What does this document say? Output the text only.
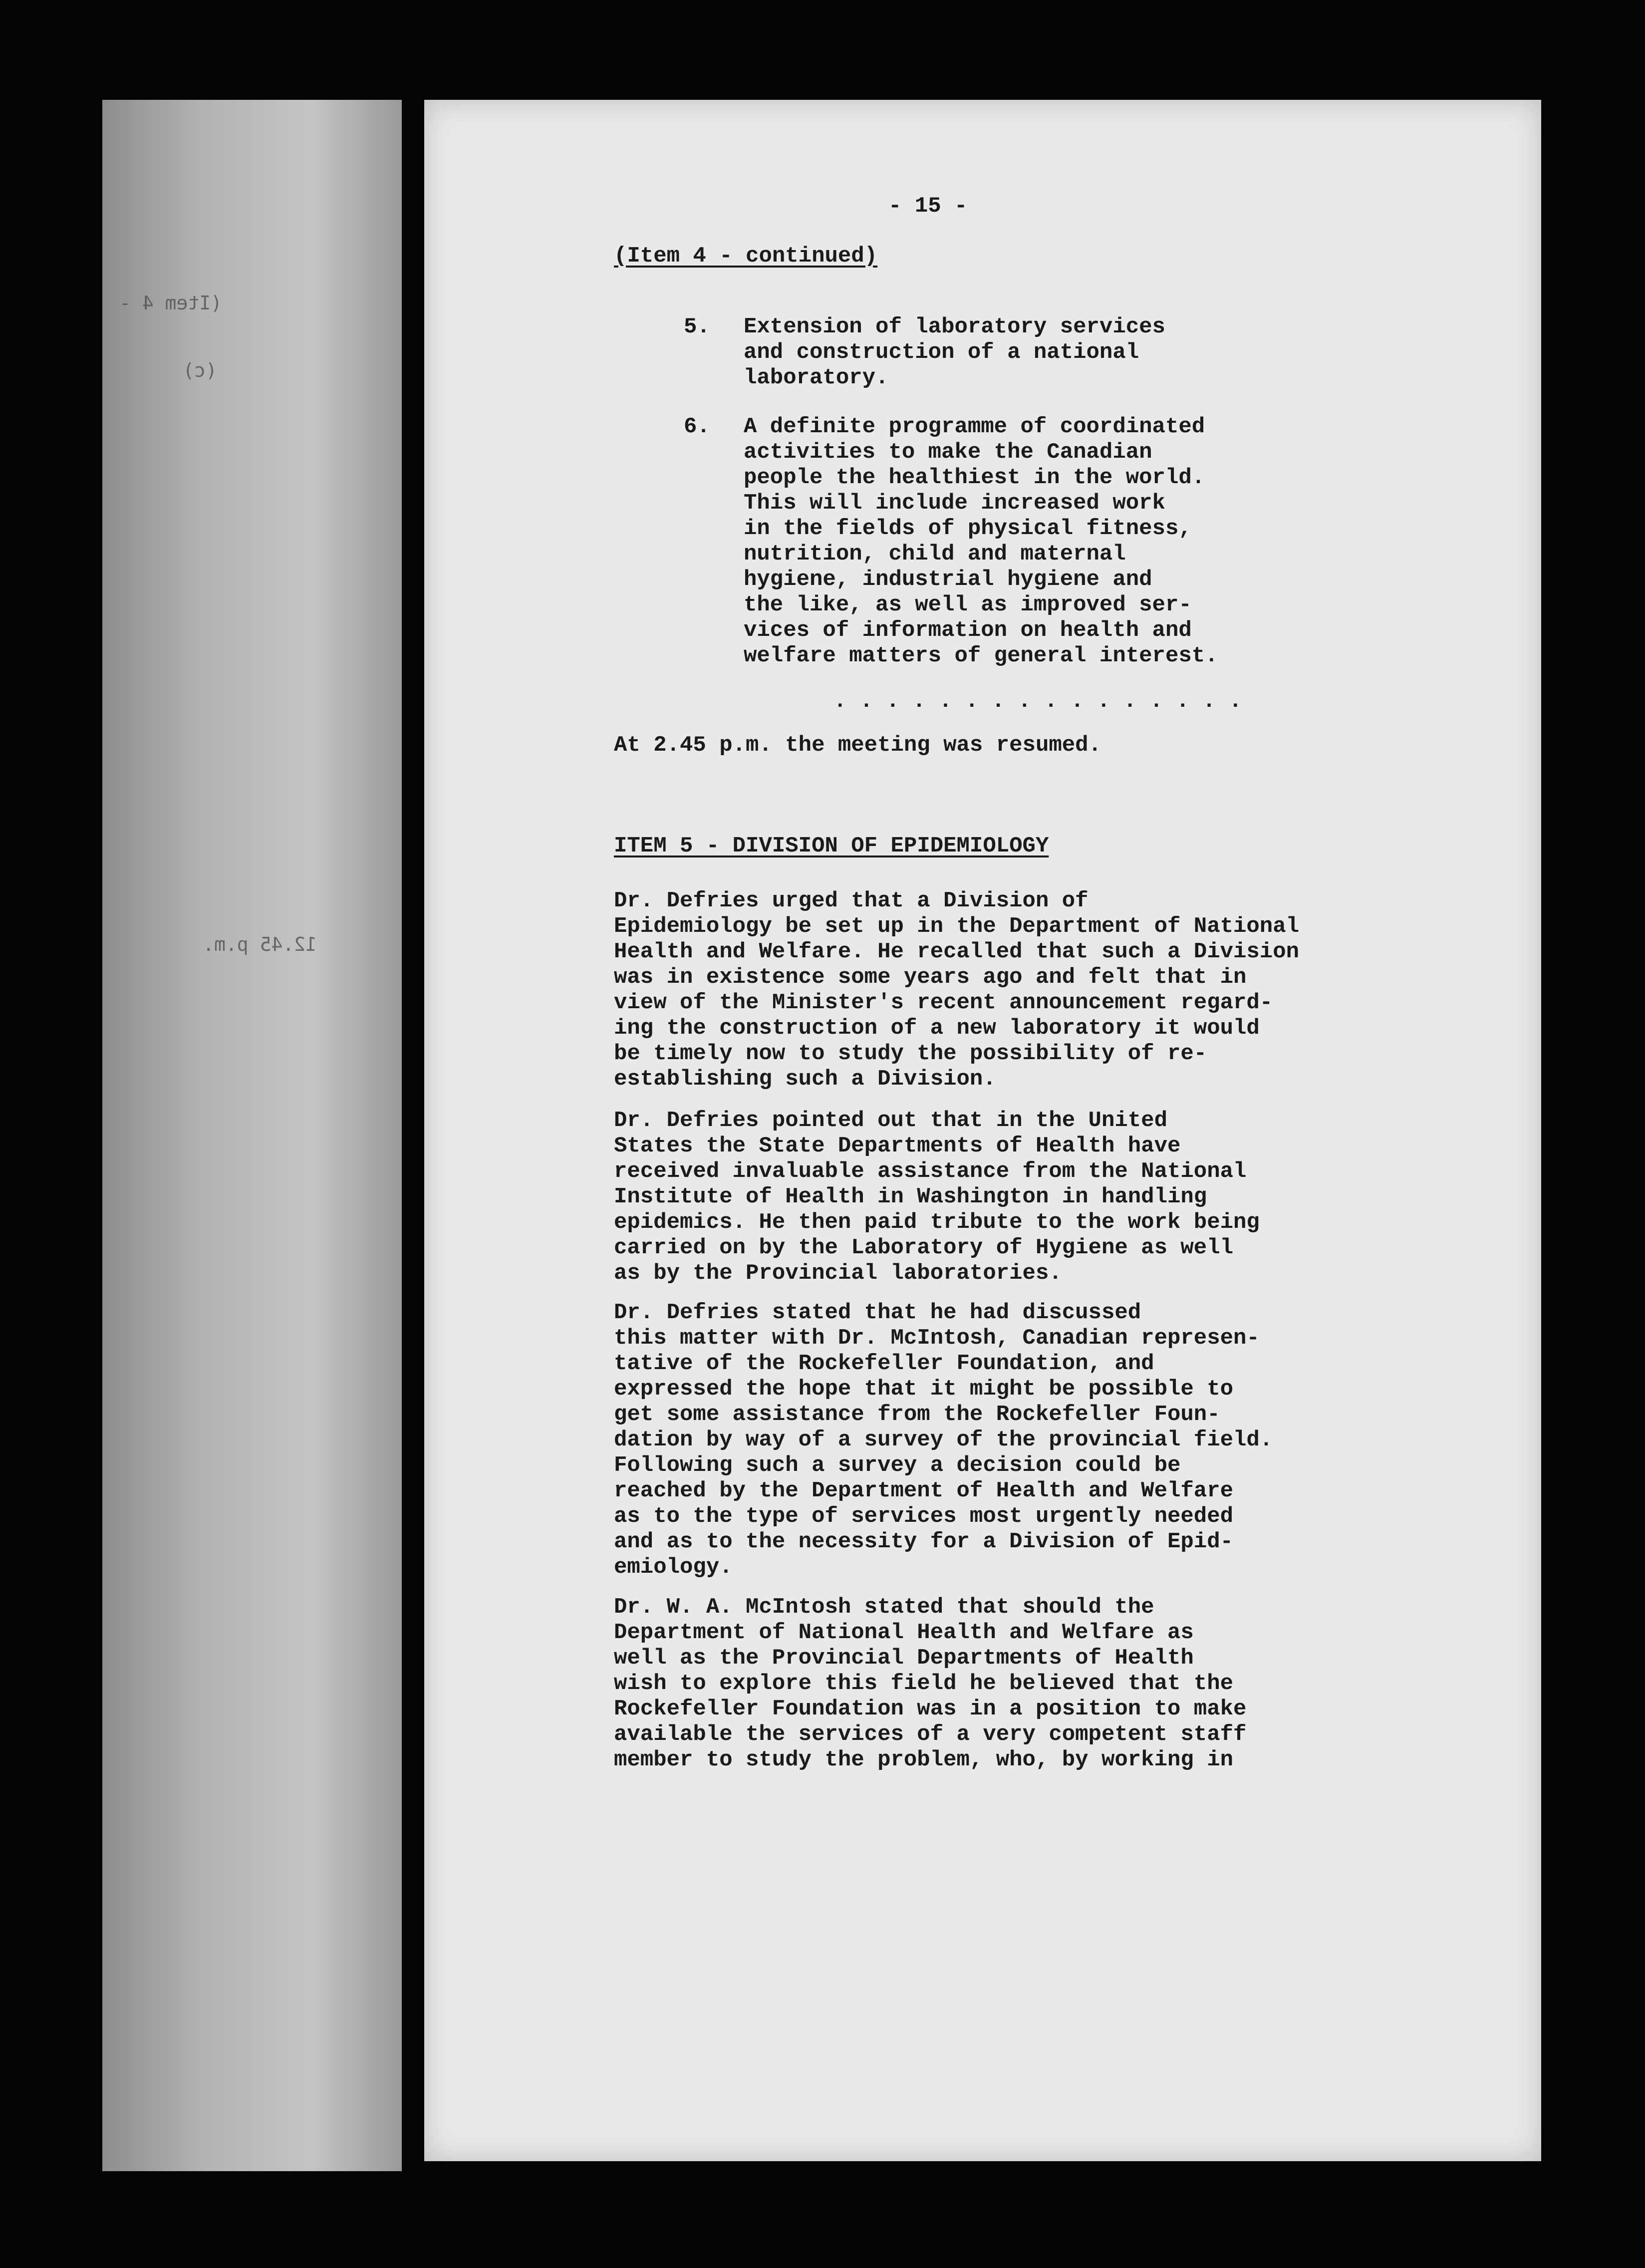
(Item 4 -
(c)
12.45 p.m.

- 15 -

(Item 4 - continued)

5. Extension of laboratory services
and construction of a national
laboratory.

6. A definite programme of coordinated
activities to make the Canadian
people the healthiest in the world.
This will include increased work
in the fields of physical fitness,
nutrition, child and maternal
hygiene, industrial hygiene and
the like, as well as improved ser-
vices of information on health and
welfare matters of general interest.

. . . . . . . . . . . . . . . .

At 2.45 p.m. the meeting was resumed.

ITEM 5 - DIVISION OF EPIDEMIOLOGY

Dr. Defries urged that a Division of
Epidemiology be set up in the Department of National
Health and Welfare. He recalled that such a Division
was in existence some years ago and felt that in
view of the Minister's recent announcement regard-
ing the construction of a new laboratory it would
be timely now to study the possibility of re-
establishing such a Division.

Dr. Defries pointed out that in the United
States the State Departments of Health have
received invaluable assistance from the National
Institute of Health in Washington in handling
epidemics. He then paid tribute to the work being
carried on by the Laboratory of Hygiene as well
as by the Provincial laboratories.

Dr. Defries stated that he had discussed
this matter with Dr. McIntosh, Canadian represen-
tative of the Rockefeller Foundation, and
expressed the hope that it might be possible to
get some assistance from the Rockefeller Foun-
dation by way of a survey of the provincial field.
Following such a survey a decision could be
reached by the Department of Health and Welfare
as to the type of services most urgently needed
and as to the necessity for a Division of Epid-
emiology.

Dr. W. A. McIntosh stated that should the
Department of National Health and Welfare as
well as the Provincial Departments of Health
wish to explore this field he believed that the
Rockefeller Foundation was in a position to make
available the services of a very competent staff
member to study the problem, who, by working in
